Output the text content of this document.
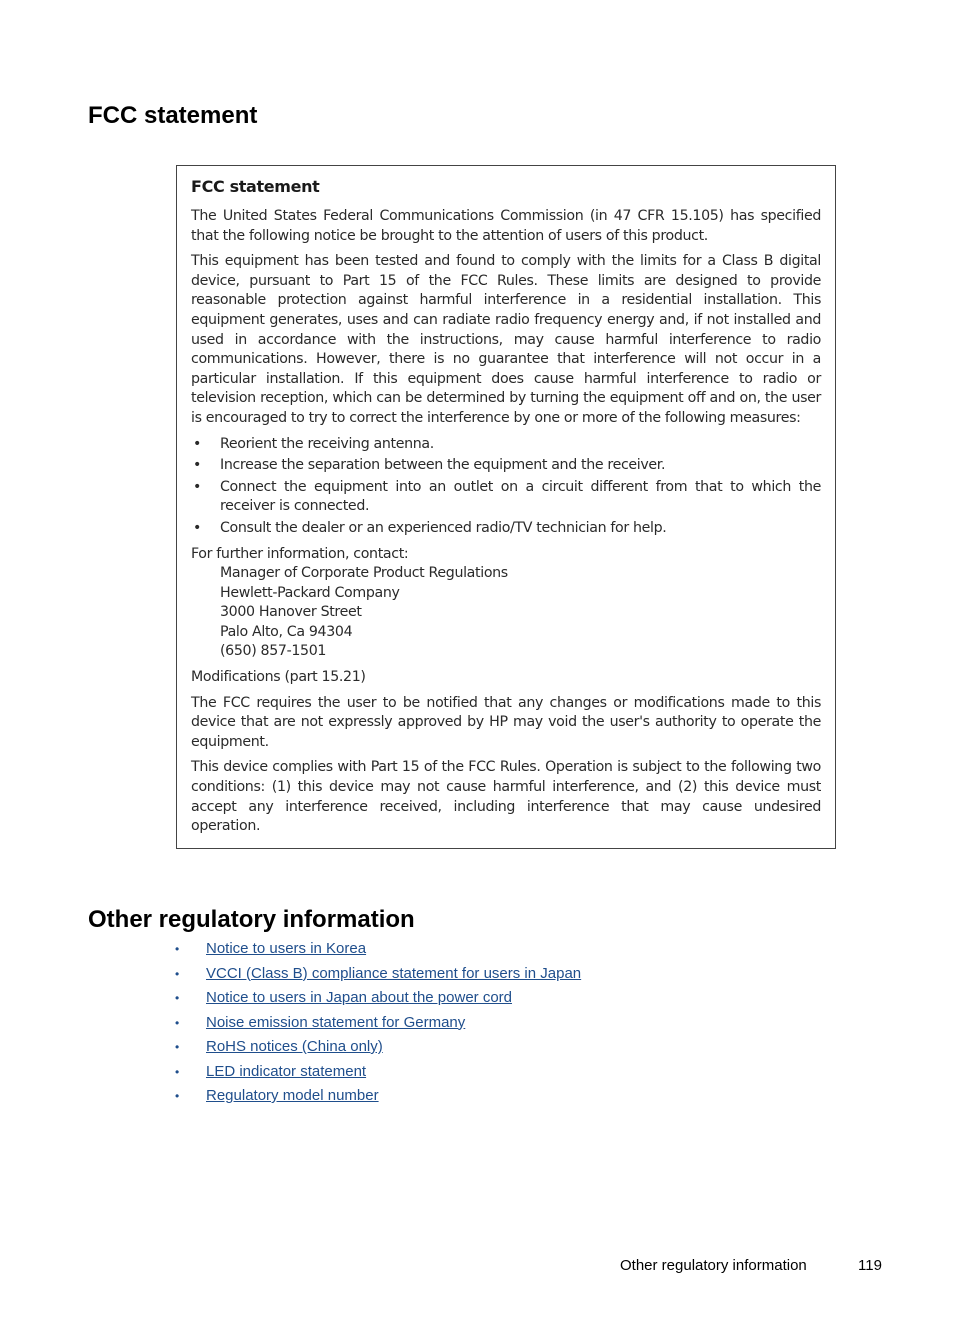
FCC statement
FCC statement

The United States Federal Communications Commission (in 47 CFR 15.105) has specified that the following notice be brought to the attention of users of this product.

This equipment has been tested and found to comply with the limits for a Class B digital device, pursuant to Part 15 of the FCC Rules. These limits are designed to provide reasonable protection against harmful interference in a residential installation. This equipment generates, uses and can radiate radio frequency energy and, if not installed and used in accordance with the instructions, may cause harmful interference to radio communications. However, there is no guarantee that interference will not occur in a particular installation. If this equipment does cause harmful interference to radio or television reception, which can be determined by turning the equipment off and on, the user is encouraged to try to correct the interference by one or more of the following measures:

• Reorient the receiving antenna.
• Increase the separation between the equipment and the receiver.
• Connect the equipment into an outlet on a circuit different from that to which the receiver is connected.
• Consult the dealer or an experienced radio/TV technician for help.
For further information, contact:
Manager of Corporate Product Regulations
Hewlett-Packard Company
3000 Hanover Street
Palo Alto, Ca 94304
(650) 857-1501

Modifications (part 15.21)

The FCC requires the user to be notified that any changes or modifications made to this device that are not expressly approved by HP may void the user's authority to operate the equipment.

This device complies with Part 15 of the FCC Rules. Operation is subject to the following two conditions: (1) this device may not cause harmful interference, and (2) this device must accept any interference received, including interference that may cause undesired operation.

Other regulatory information
• Notice to users in Korea
• VCCI (Class B) compliance statement for users in Japan
• Notice to users in Japan about the power cord
• Noise emission statement for Germany
• RoHS notices (China only)
• LED indicator statement
• Regulatory model number
Other regulatory information	119
